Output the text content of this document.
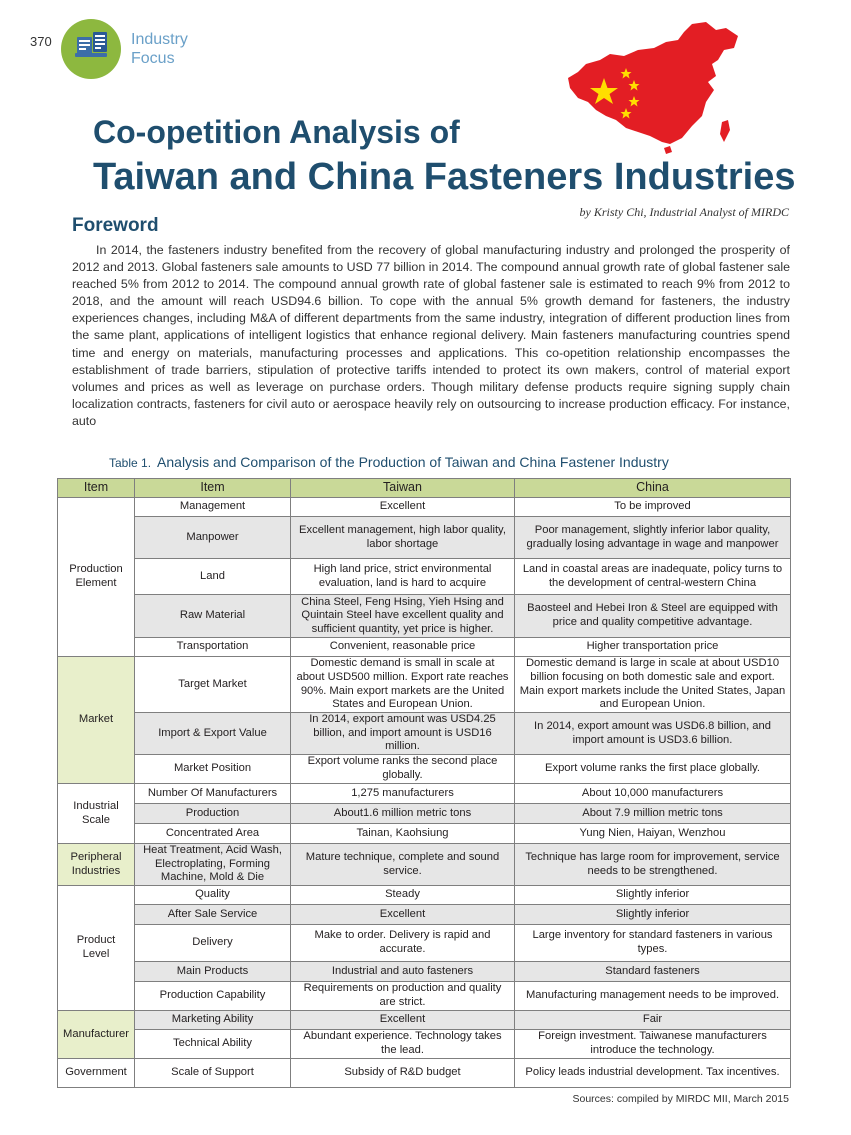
370	Industry
Focus
Co-opetition Analysis of
Taiwan and China Fasteners Industries
by Kristy Chi, Industrial Analyst of MIRDC
Foreword

In 2014, the fasteners industry benefited from the recovery of global manufacturing industry and prolonged the prosperity of 2012 and 2013. Global fasteners sale amounts to USD 77 billion in 2014. The compound annual growth rate of global fastener sale reached 5% from 2012 to 2014. The compound annual growth rate of global fastener sale is estimated to reach 9% from 2012 to 2018, and the amount will reach USD94.6 billion. To cope with the annual 5% growth demand for fasteners, the industry experiences changes, including M&A of different departments from the same industry, integration of different production lines from the same plant, applications of intelligent logistics that enhance regional delivery. Main fasteners manufacturing countries spend time and energy on materials, manufacturing processes and applications. This co-opetition relationship encompasses the establishment of trade barriers, stipulation of protective tariffs intended to protect its own makers, control of material export volumes and prices as well as leverage on purchase orders. Though military defense products require signing supply chain localization contracts, fasteners for civil auto or aerospace heavily rely on outsourcing to increase production efficacy. For instance, auto

Table 1. Analysis and Comparison of the Production of Taiwan and China Fastener Industry
Item	Item	Taiwan	China
Production Element	Management	Excellent	To be improved
	Manpower	Excellent management, high labor quality, labor shortage	Poor management, slightly inferior labor quality, gradually losing advantage in wage and manpower
	Land	High land price, strict environmental evaluation, land is hard to acquire	Land in coastal areas are inadequate, policy turns to the development of central-western China
	Raw Material	China Steel, Feng Hsing, Yieh Hsing and Quintain Steel have excellent quality and sufficient quantity, yet price is higher.	Baosteel and Hebei Iron & Steel are equipped with price and quality competitive advantage.
	Transportation	Convenient, reasonable price	Higher transportation price
Market	Target Market	Domestic demand is small in scale at about USD500 million. Export rate reaches 90%. Main export markets are the United States and European Union.	Domestic demand is large in scale at about USD10 billion focusing on both domestic sale and export. Main export markets include the United States, Japan and European Union.
	Import & Export Value	In 2014, export amount was USD4.25 billion, and import amount is USD16 million.	In 2014, export amount was USD6.8 billion, and import amount is USD3.6 billion.
	Market Position	Export volume ranks the second place globally.	Export volume ranks the first place globally.
Industrial Scale	Number Of Manufacturers	1,275 manufacturers	About 10,000 manufacturers
	Production	About1.6 million metric tons	About 7.9 million metric tons
	Concentrated Area	Tainan, Kaohsiung	Yung Nien, Haiyan, Wenzhou
Peripheral Industries	Heat Treatment, Acid Wash, Electroplating, Forming Machine, Mold & Die	Mature technique, complete and sound service.	Technique has large room for improvement, service needs to be strengthened.
Product Level	Quality	Steady	Slightly inferior
	After Sale Service	Excellent	Slightly inferior
	Delivery	Make to order. Delivery is rapid and accurate.	Large inventory for standard fasteners in various types.
	Main Products	Industrial and auto fasteners	Standard fasteners
	Production Capability	Requirements on production and quality are strict.	Manufacturing management needs to be improved.
Manufacturer	Marketing Ability	Excellent	Fair
	Technical Ability	Abundant experience. Technology takes the lead.	Foreign investment. Taiwanese manufacturers introduce the technology.
Government	Scale of Support	Subsidy of R&D budget	Policy leads industrial development. Tax incentives.
Sources: compiled by MIRDC MII, March 2015
